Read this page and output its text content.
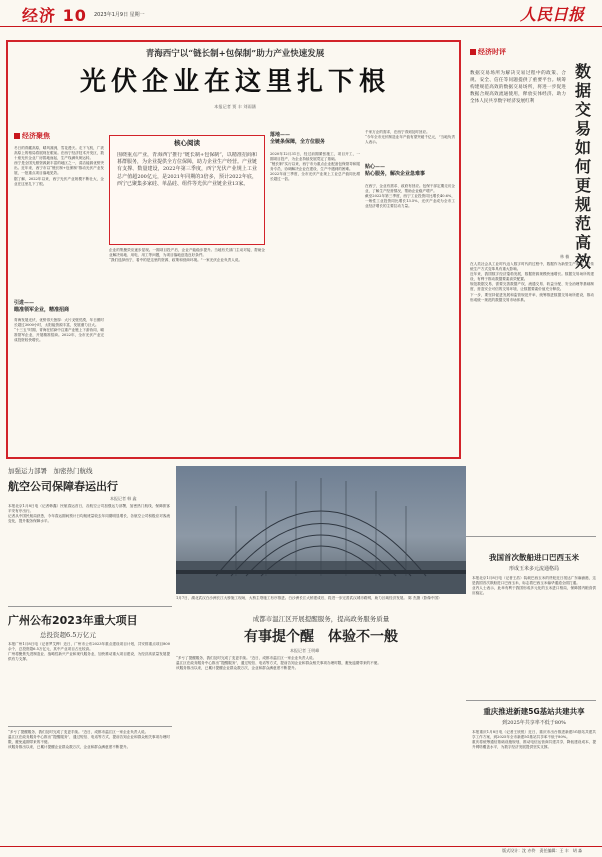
经济 10 2023年1月9日 星期一	人民日报
青海西宁以“链长制+包保制”助力产业快速发展
光伏企业在这里扎下根
本报记者 贾 丰 刘雨涵
经济聚焦
冬日的青藏高原，晴风凛冽，雪花漫天。走下飞机，广袤高原上的格局将展现在眼前。在西宁经济技术开发区，数十座光伏企业厂房拔地而起，生产线满负荷运转。
西宁是全国光照资源最丰富的地区之一，清洁能源优势突出。近年来，西宁市以“链长制+包保制”推动光伏产业发展，一批重点项目落地见效。
据了解，2022年以来，西宁光伏产业规模不断壮大，企业在这里扎下了根。
引进——
瞄准领军企业，精准招商
青海发展光伏，优势得天独厚：大片戈壁荒漠，年日照时长超过3000小时，太阳能资源丰富，发展潜力巨大。
“十三五”时期，青海在招商中注重产业链上下游协同，瞄准领军企业，开展精准招商。2022年，全市光伏产业完成投资较快增长。
核心阅读
围绕重点产业，青海西宁推行“链长制+包保制”，以精准招商和暮群服务，为企业提供全方位保障，助力企业生产经营。产业链有支撑、数量建设，2022年第三季度，西宁光伏产业规上工业总产值超200亿元，是2021年同期的3倍多，预计2022年底，西宁已聚集多家硅、单晶硅、组件等光伏产业链企业13家。
企业的集聚效应逐步显现。一期项目投产后，企业产能稳步提升。当地有关部门主动对接，帮助企业解决用地、用电、用工等问题，为项目落地创造良好条件。
“我们选择西宁，看中的是这里的资源、政策和营商环境。”一家光伏企业负责人说。
落地——
全链条保障，全方位服务
2020年12月31日，经过前期紧张施工，项目开工，一期项目投产，为企业持续发展奠定了基础。
“链长制”实行以来，西宁市为重点企业配备包保领导和服务专员，协调解决企业在建设、生产中遇到的困难。
2022年前三季度，全市光伏产业规上工业总产值同比增长超过一倍。
千家万企的需求，在西宁得到及时回应。
“今年全市光伏制造业年产值有望突破千亿元，”当地负责人表示。
贴心——
贴心服务，解决企业急难事
在西宁，企业有需求、政府有回应。包保干部定期走访企业，了解生产经营情况，帮助企业稳产增产。
截至2022年第三季度，西宁工业投资同比增长40.6%，一般性工业投资同比增长13.5%，光伏产业成为全市工业经济增长的主要拉动力量。
经济时评
数据交易如何更规范高效
数据交易场所为解决交易过程中的政策、合规、安全、信任等问题提供了重要平台。统筹构建规范高效的数据交易场所，将进一步促进数据合规高效流通使用，释放实体经济、助力全体人民共享数字经济发展红利
林 楠
在人类社会从工业时代迈入数字时代的过程中，数据作为新型生产要素，对传统生产方式变革具有重大影响。
近年来，我国数字经济蓬勃发展，数据资源规模快速增长。数据交易场所的建设，有利于推动数据要素高效配置。
规范数据交易，需要完善数据产权、流通交易、收益分配、安全治理等基础制度，营造安全可信的交易环境，让数据要素价值充分释放。
下一步，要坚持促进发展和监管规范并举，统筹推进数据交易场所建设，推动形成统一规范的数据交易市场体系。
加强运力部署　加密热门航线
航空公司保障春运出行
本报记者 韩 鑫
本报北京1月8日电（记者韩鑫）民航春运首日，各航空公司加强运力部署，加密热门航线，保障旅客平安有序出行。
记者从中国民航局获悉，今年春运期间预计日均航班量较去年同期明显增长，各航空公司积极应对客流变化，提升服务保障水平。
广州公布2023年重大项目
总投资超6.5万亿元
本报广州1月8日电（记者罗艾桦）近日，广州市公布2023年重点建设项目计划，共安排重点项目800余个，总投资超6.5万亿元，其中产业项目占比较高。
广州将聚焦先进制造业、战略性新兴产业和现代服务业，加快推动重大项目建设，为经济高质量发展提供有力支撑。
1月7日，湖北武汉白沙洲长江大桥施工现场，大桥主塔施工有序推进。白沙洲长江大桥建成后，将进一步完善武汉城市路网，助力区域经济发展。 陈 杰摄（影像中国）
成都市温江区开展提醒服务，提高政务服务质量
有事提个醒　体验不一般
本报记者 王明峰
“多亏了提醒服务，我们及时完成了变更手续。”近日，成都市温江区一家企业负责人说。
温江区在政务服务中心推出“提醒服务”，通过短信、电话等方式，提前告知企业和群众相关事项办理时限，避免逾期带来的不便。
该服务推出以来，已累计提醒企业群众数万次，企业和群众满意度不断提升。
“多亏了提醒服务，我们及时完成了变更手续。”近日，成都市温江区一家企业负责人说。
温江区在政务服务中心推出“提醒服务”，通过短信、电话等方式，提前告知企业和群众相关事项办理时限，避免逾期带来的不便。
该服务推出以来，已累计提醒企业群众数万次，企业和群众满意度不断提升。
我国首次散船进口巴西玉米
形成玉米多元流通格局
本报北京1月8日电（记者王浩）装载巴西玉米的货轮近日抵达广东麻涌港，这是我国首次散船进口巴西玉米，标志着巴西玉米输华通道全面打通。
业内人士表示，此举有利于我国形成多元化的玉米进口格局，保障国内粮食供应稳定。
重庆推进新建5G基站共建共享
到2025年共享率不低于80%
本报重庆1月8日电（记者王欣悦）近日，重庆市出台推进新建5G基站共建共享工作方案，到2025年全市新建5G基站共享率不低于80%。
重庆将统筹通信基础设施规划，推动电信运营商共建共享，降低建设成本，提升网络覆盖水平，为数字经济发展提供坚实支撑。
版式设计：沈 亦伶　责任编辑：王 丰　胡 淼
